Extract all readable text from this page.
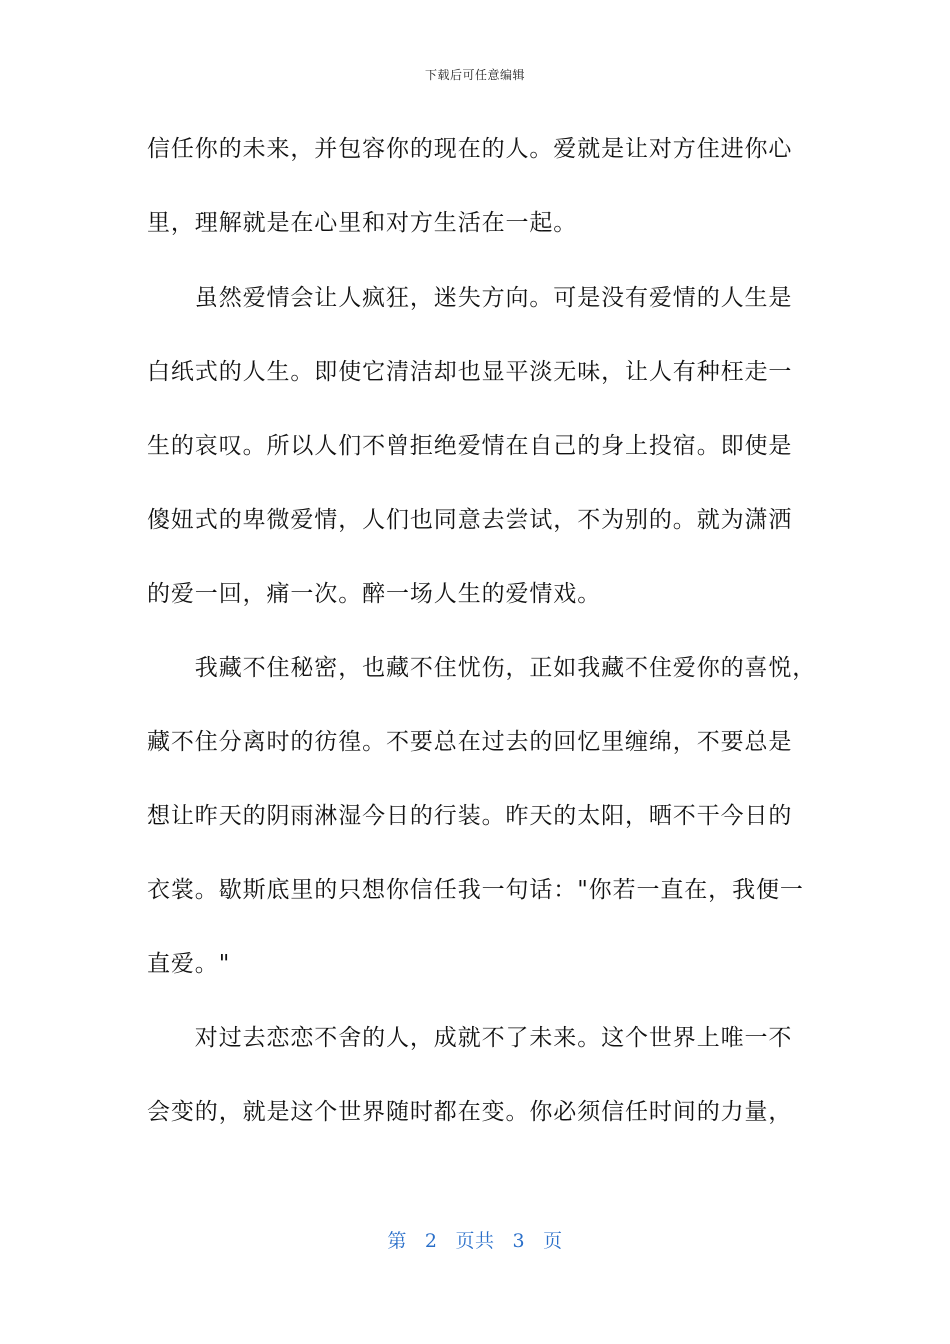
下载后可任意编辑
信任你的未来，并包容你的现在的人。爱就是让对方住进你心
里，理解就是在心里和对方生活在一起。
　　虽然爱情会让人疯狂，迷失方向。可是没有爱情的人生是
白纸式的人生。即使它清洁却也显平淡无味，让人有种枉走一
生的哀叹。所以人们不曾拒绝爱情在自己的身上投宿。即使是
傻妞式的卑微爱情，人们也同意去尝试，不为别的。就为潇洒
的爱一回，痛一次。醉一场人生的爱情戏。
　　我藏不住秘密，也藏不住忧伤，正如我藏不住爱你的喜悦，
藏不住分离时的彷徨。不要总在过去的回忆里缠绵，不要总是
想让昨天的阴雨淋湿今日的行装。昨天的太阳，晒不干今日的
衣裳。歇斯底里的只想你信任我一句话："你若一直在，我便一
直爱。"
　　对过去恋恋不舍的人，成就不了未来。这个世界上唯一不
会变的，就是这个世界随时都在变。你必须信任时间的力量，
第 2 页共 3 页
